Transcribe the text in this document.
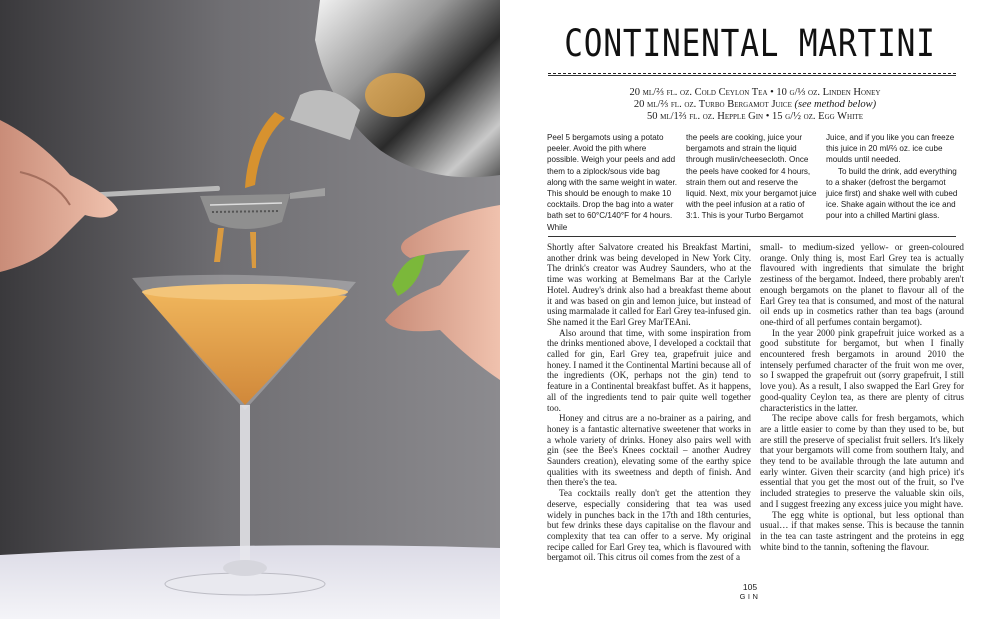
CONTINENTAL MARTINI
20 ml/⅔ fl. oz. Cold Ceylon Tea • 10 g/⅓ oz. Linden Honey
20 ml/⅔ fl. oz. Turbo Bergamot Juice (see method below)
50 ml/1⅔ fl. oz. Hepple Gin • 15 g/½ oz. Egg White

Peel 5 bergamots using a potato peeler. Avoid the pith where possible. Weigh your peels and add them to a ziplock/sous vide bag along with the same weight in water. This should be enough to make 10 cocktails. Drop the bag into a water bath set to 60°C/140°F for 4 hours. While

the peels are cooking, juice your bergamots and strain the liquid through muslin/cheesecloth. Once the peels have cooked for 4 hours, strain them out and reserve the liquid. Next, mix your bergamot juice with the peel infusion at a ratio of 3:1. This is your Turbo Bergamot

Juice, and if you like you can freeze this juice in 20 ml/⅔ oz. ice cube moulds until needed.

To build the drink, add everything to a shaker (defrost the bergamot juice first) and shake well with cubed ice. Shake again without the ice and pour into a chilled Martini glass.

Shortly after Salvatore created his Breakfast Martini, another drink was being developed in New York City. The drink's creator was Audrey Saunders, who at the time was working at Bemelmans Bar at the Carlyle Hotel. Audrey's drink also had a breakfast theme about it and was based on gin and lemon juice, but instead of using marmalade it called for Earl Grey tea-infused gin. She named it the Earl Grey MarTEAni.

Also around that time, with some inspiration from the drinks mentioned above, I developed a cocktail that called for gin, Earl Grey tea, grapefruit juice and honey. I named it the Continental Martini because all of the ingredients (OK, perhaps not the gin) tend to feature in a Continental breakfast buffet. As it happens, all of the ingredients tend to pair quite well together too.

Honey and citrus are a no-brainer as a pairing, and honey is a fantastic alternative sweetener that works in a whole variety of drinks. Honey also pairs well with gin (see the Bee's Knees cocktail – another Audrey Saunders creation), elevating some of the earthy spice qualities with its sweetness and depth of finish. And then there's the tea.

Tea cocktails really don't get the attention they deserve, especially considering that tea was used widely in punches back in the 17th and 18th centuries, but few drinks these days capitalise on the flavour and complexity that tea can offer to a serve. My original recipe called for Earl Grey tea, which is flavoured with bergamot oil. This citrus oil comes from the zest of a

small- to medium-sized yellow- or green-coloured orange. Only thing is, most Earl Grey tea is actually flavoured with ingredients that simulate the bright zestiness of the bergamot. Indeed, there probably aren't enough bergamots on the planet to flavour all of the Earl Grey tea that is consumed, and most of the natural oil ends up in cosmetics rather than tea bags (around one-third of all perfumes contain bergamot).

In the year 2000 pink grapefruit juice worked as a good substitute for bergamot, but when I finally encountered fresh bergamots in around 2010 the intensely perfumed character of the fruit won me over, so I swapped the grapefruit out (sorry grapefruit, I still love you). As a result, I also swapped the Earl Grey for good-quality Ceylon tea, as there are plenty of citrus characteristics in the latter.

The recipe above calls for fresh bergamots, which are a little easier to come by than they used to be, but are still the preserve of specialist fruit sellers. It's likely that your bergamots will come from southern Italy, and they tend to be available through the late autumn and early winter. Given their scarcity (and high price) it's essential that you get the most out of the fruit, so I've included strategies to preserve the valuable skin oils, and I suggest freezing any excess juice you might have.

The egg white is optional, but less optional than usual… if that makes sense. This is because the tannin in the tea can taste astringent and the proteins in egg white bind to the tannin, softening the flavour.

105
GIN
